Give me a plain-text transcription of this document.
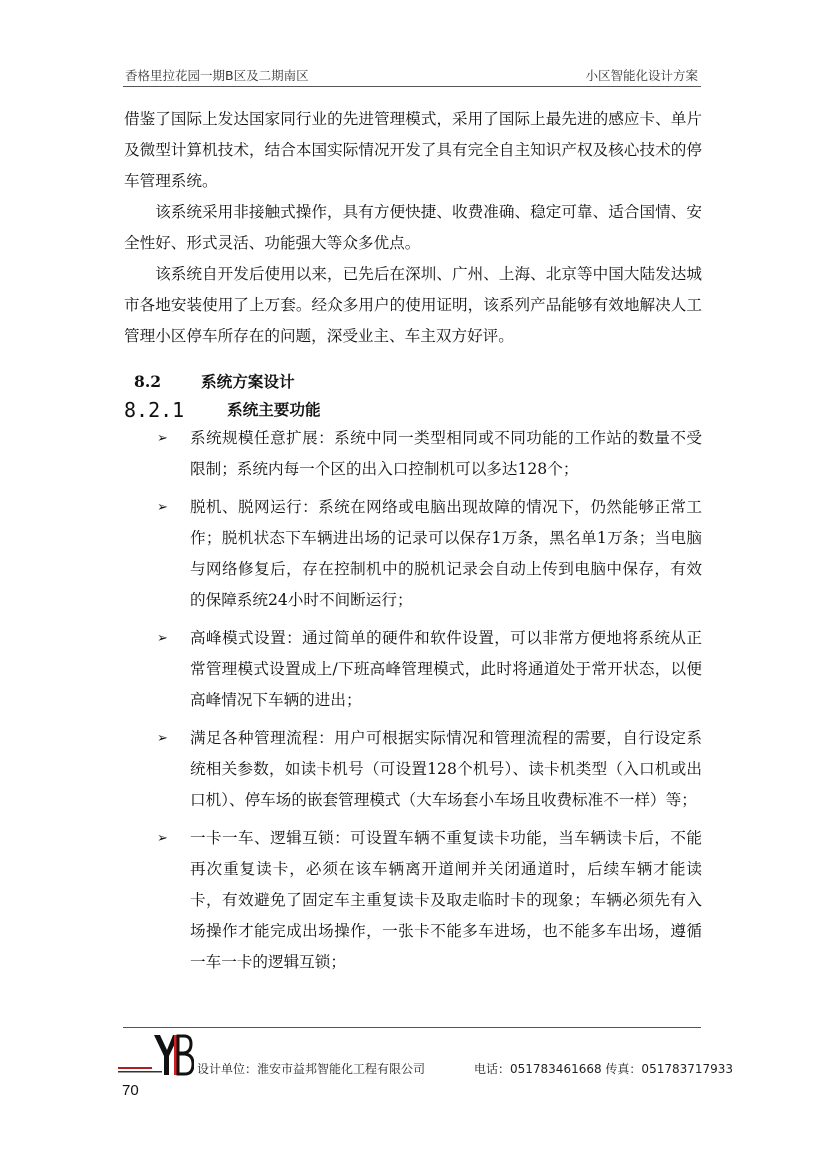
香格里拉花园一期B区及二期南区	小区智能化设计方案
借鉴了国际上发达国家同行业的先进管理模式，采用了国际上最先进的感应卡、单片及微型计算机技术，结合本国实际情况开发了具有完全自主知识产权及核心技术的停车管理系统。
该系统采用非接触式操作，具有方便快捷、收费准确、稳定可靠、适合国情、安全性好、形式灵活、功能强大等众多优点。
该系统自开发后使用以来，已先后在深圳、广州、上海、北京等中国大陆发达城市各地安装使用了上万套。经众多用户的使用证明，该系列产品能够有效地解决人工管理小区停车所存在的问题，深受业主、车主双方好评。
8.2	系统方案设计
8.2.1	系统主要功能
➢	系统规模任意扩展：系统中同一类型相同或不同功能的工作站的数量不受限制；系统内每一个区的出入口控制机可以多达128个；
➢	脱机、脱网运行：系统在网络或电脑出现故障的情况下，仍然能够正常工作；脱机状态下车辆进出场的记录可以保存1万条，黑名单1万条；当电脑与网络修复后，存在控制机中的脱机记录会自动上传到电脑中保存，有效的保障系统24小时不间断运行；
➢	高峰模式设置：通过简单的硬件和软件设置，可以非常方便地将系统从正常管理模式设置成上/下班高峰管理模式，此时将通道处于常开状态，以便高峰情况下车辆的进出；
➢	满足各种管理流程：用户可根据实际情况和管理流程的需要，自行设定系统相关参数，如读卡机号（可设置128个机号）、读卡机类型（入口机或出口机）、停车场的嵌套管理模式（大车场套小车场且收费标准不一样）等；
➢	一卡一车、逻辑互锁：可设置车辆不重复读卡功能，当车辆读卡后，不能再次重复读卡，必须在该车辆离开道闸并关闭通道时，后续车辆才能读卡，有效避免了固定车主重复读卡及取走临时卡的现象；车辆必须先有入场操作才能完成出场操作，一张卡不能多车进场，也不能多车出场，遵循一车一卡的逻辑互锁；
设计单位：淮安市益邦智能化工程有限公司	电话：051783461668 传真：051783717933
70
